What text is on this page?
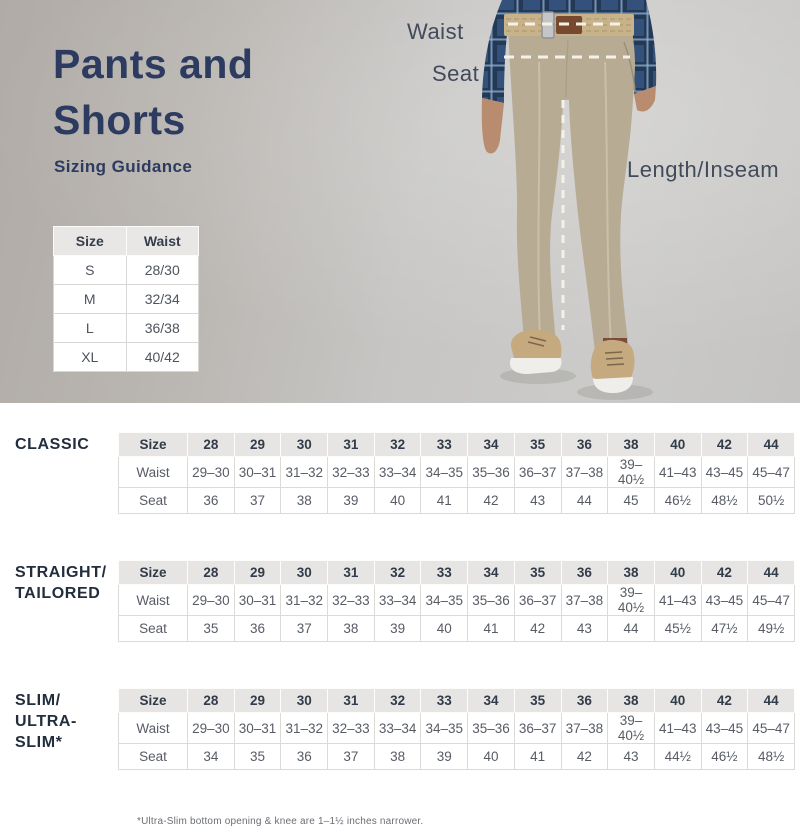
Pants and
Shorts
Sizing Guidance
Size	Waist
S	28/30
M	32/34
L	36/38
XL	40/42
Waist
Seat
Length/Inseam
CLASSIC	Size	28	29	30	31	32	33	34	35	36	38	40	42	44
Waist	29–30	30–31	31–32	32–33	33–34	34–35	35–36	36–37	37–38	39–40½	41–43	43–45	45–47
Seat	36	37	38	39	40	41	42	43	44	45	46½	48½	50½
STRAIGHT/
TAILORED
Size	28	29	30	31	32	33	34	35	36	38	40	42	44
Waist	29–30	30–31	31–32	32–33	33–34	34–35	35–36	36–37	37–38	39–40½	41–43	43–45	45–47
Seat	35	36	37	38	39	40	41	42	43	44	45½	47½	49½
SLIM/
ULTRA-SLIM*
Size	28	29	30	31	32	33	34	35	36	38	40	42	44
Waist	29–30	30–31	31–32	32–33	33–34	34–35	35–36	36–37	37–38	39–40½	41–43	43–45	45–47
Seat	34	35	36	37	38	39	40	41	42	43	44½	46½	48½
*Ultra-Slim bottom opening & knee are 1–1½ inches narrower.
